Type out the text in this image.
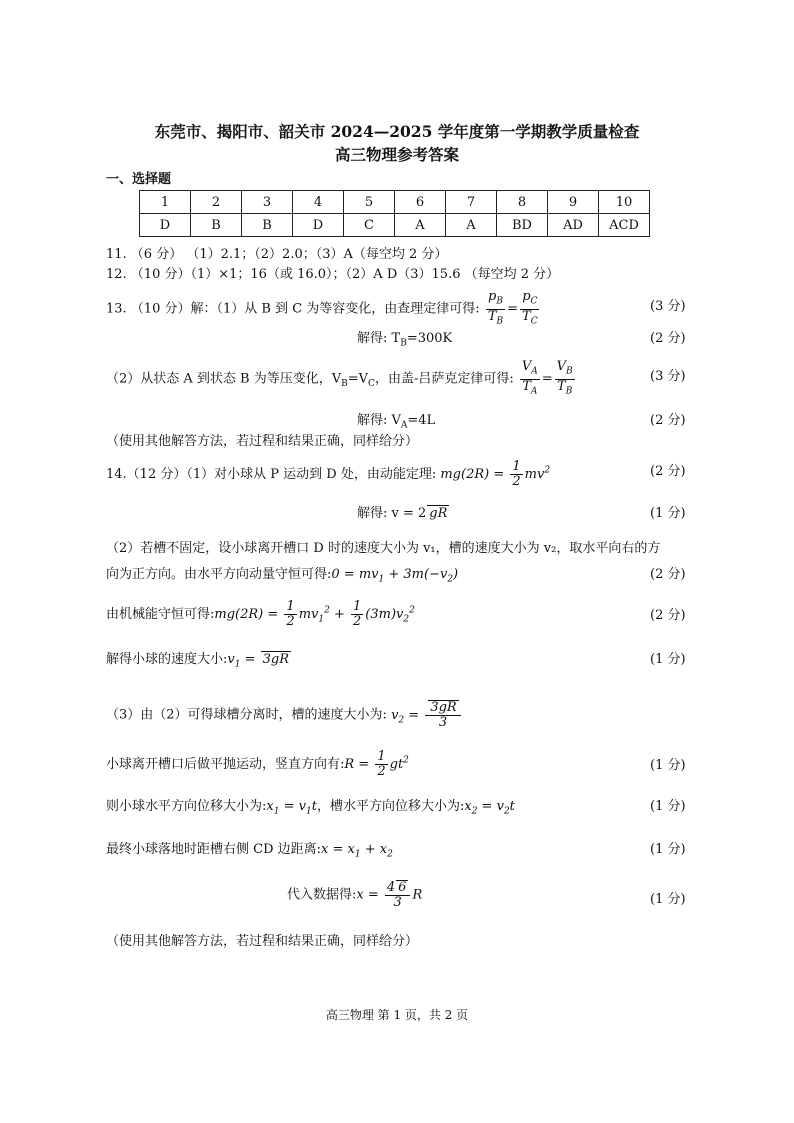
东莞市、揭阳市、韶关市 2024—2025 学年度第一学期教学质量检查
高三物理参考答案
一、选择题
1	2	3	4	5	6	7	8	9	10
D	B	B	D	C	A	A	BD	AD	ACD
11. （6 分） （1）2.1；（2）2.0；（3）A（每空均 2 分）
12. （10 分）（1）×1；16（或 16.0）；（2）A D（3）15.6 （每空均 2 分）
13. （10 分）解：（1）从 B 到 C 为等容变化，由查理定律可得: $\frac{p_B}{T_B} = \frac{p_C}{T_C}$	(3 分)
解得: $T_B=300K$	(2 分)
（2）从状态 A 到状态 B 为等压变化，$V_B=V_C$，由盖-吕萨克定律可得: $\frac{V_A}{T_A} = \frac{V_B}{T_B}$	(3 分)
解得: $V_A=4L$	(2 分)
（使用其他解答方法，若过程和结果正确，同样给分）
14.（12 分）（1）对小球从 P 运动到 D 处，由动能定理: $mg(2R) = \frac{1}{2} mv^2$	(2 分)
解得: v = 2 gR	(1 分)
（2）若槽不固定，设小球离开槽口 D 时的速度大小为 v₁，槽的速度大小为 v₂，取水平向右的方
向为正方向。由水平方向动量守恒可得:0 = $mv_1 + 3m(-v_2)$	(2 分)
由机械能守恒可得:mg(2R) = $\frac{1}{2} mv_1^2 + \frac{1}{2} (3m)v_2^2$	(2 分)
解得小球的速度大小$:v_1 = 3gR$	(1 分)
（3）由（2）可得球槽分离时，槽的速度大小为: $v_2 = \frac{3gR}{3}$
小球离开槽口后做平抛运动，竖直方向有:R = $\frac{1}{2} gt^2$	(1 分)
则小球水平方向位移大小为$:x_1 = v_1t$，槽水平方向位移大小为$:x_2 = v_2t$	(1 分)
最终小球落地时距槽右侧 CD 边距离:x = $x_1 + x_2$	(1 分)
代入数据得:x = $\frac{4 6}{3}$ R	(1 分)
（使用其他解答方法，若过程和结果正确，同样给分）
高三物理 第 1 页，共 2 页
